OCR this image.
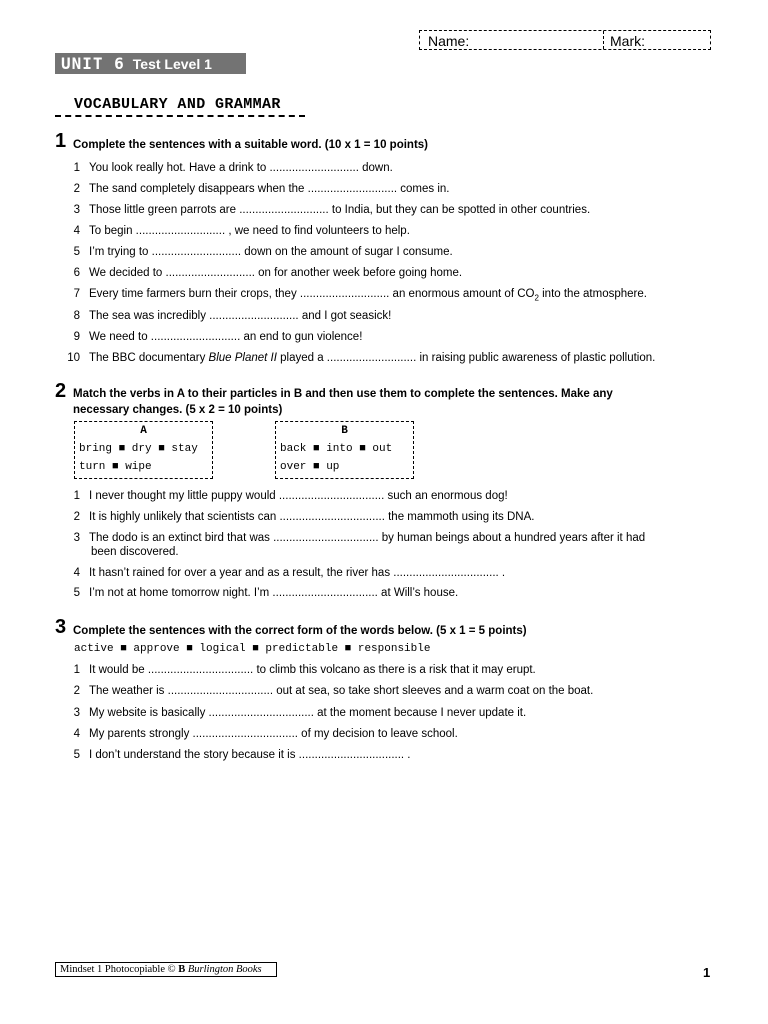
Name:	Mark:
UNIT 6 Test Level 1
VOCABULARY AND GRAMMAR
1 Complete the sentences with a suitable word. (10 x 1 = 10 points)
1 You look really hot. Have a drink to ............................ down.
2 The sand completely disappears when the ............................ comes in.
3 Those little green parrots are ............................ to India, but they can be spotted in other countries.
4 To begin ............................ , we need to find volunteers to help.
5 I’m trying to ............................ down on the amount of sugar I consume.
6 We decided to ............................ on for another week before going home.
7 Every time farmers burn their crops, they ............................ an enormous amount of $CO_2$ into the atmosphere.
8 The sea was incredibly ............................ and I got seasick!
9 We need to ............................ an end to gun violence!
10 The BBC documentary Blue Planet II played a ............................ in raising public awareness of plastic pollution.
2 Match the verbs in A to their particles in B and then use them to complete the sentences. Make any
necessary changes. (5 x 2 = 10 points)
A
bring ■ dry ■ stay
turn ■ wipe
B
back ■ into ■ out
over ■ up
1 I never thought my little puppy would ................................. such an enormous dog!
2 It is highly unlikely that scientists can ................................. the mammoth using its DNA.
3 The dodo is an extinct bird that was ................................. by human beings about a hundred years after it had
been discovered.
4 It hasn’t rained for over a year and as a result, the river has ................................. .
5 I’m not at home tomorrow night. I’m ................................. at Will’s house.
3 Complete the sentences with the correct form of the words below. (5 x 1 = 5 points)
active ■ approve ■ logical ■ predictable ■ responsible
1 It would be ................................. to climb this volcano as there is a risk that it may erupt.
2 The weather is ................................. out at sea, so take short sleeves and a warm coat on the boat.
3 My website is basically ................................. at the moment because I never update it.
4 My parents strongly ................................. of my decision to leave school.
5 I don’t understand the story because it is ................................. .
Mindset 1 Photocopiable © B Burlington Books	1
